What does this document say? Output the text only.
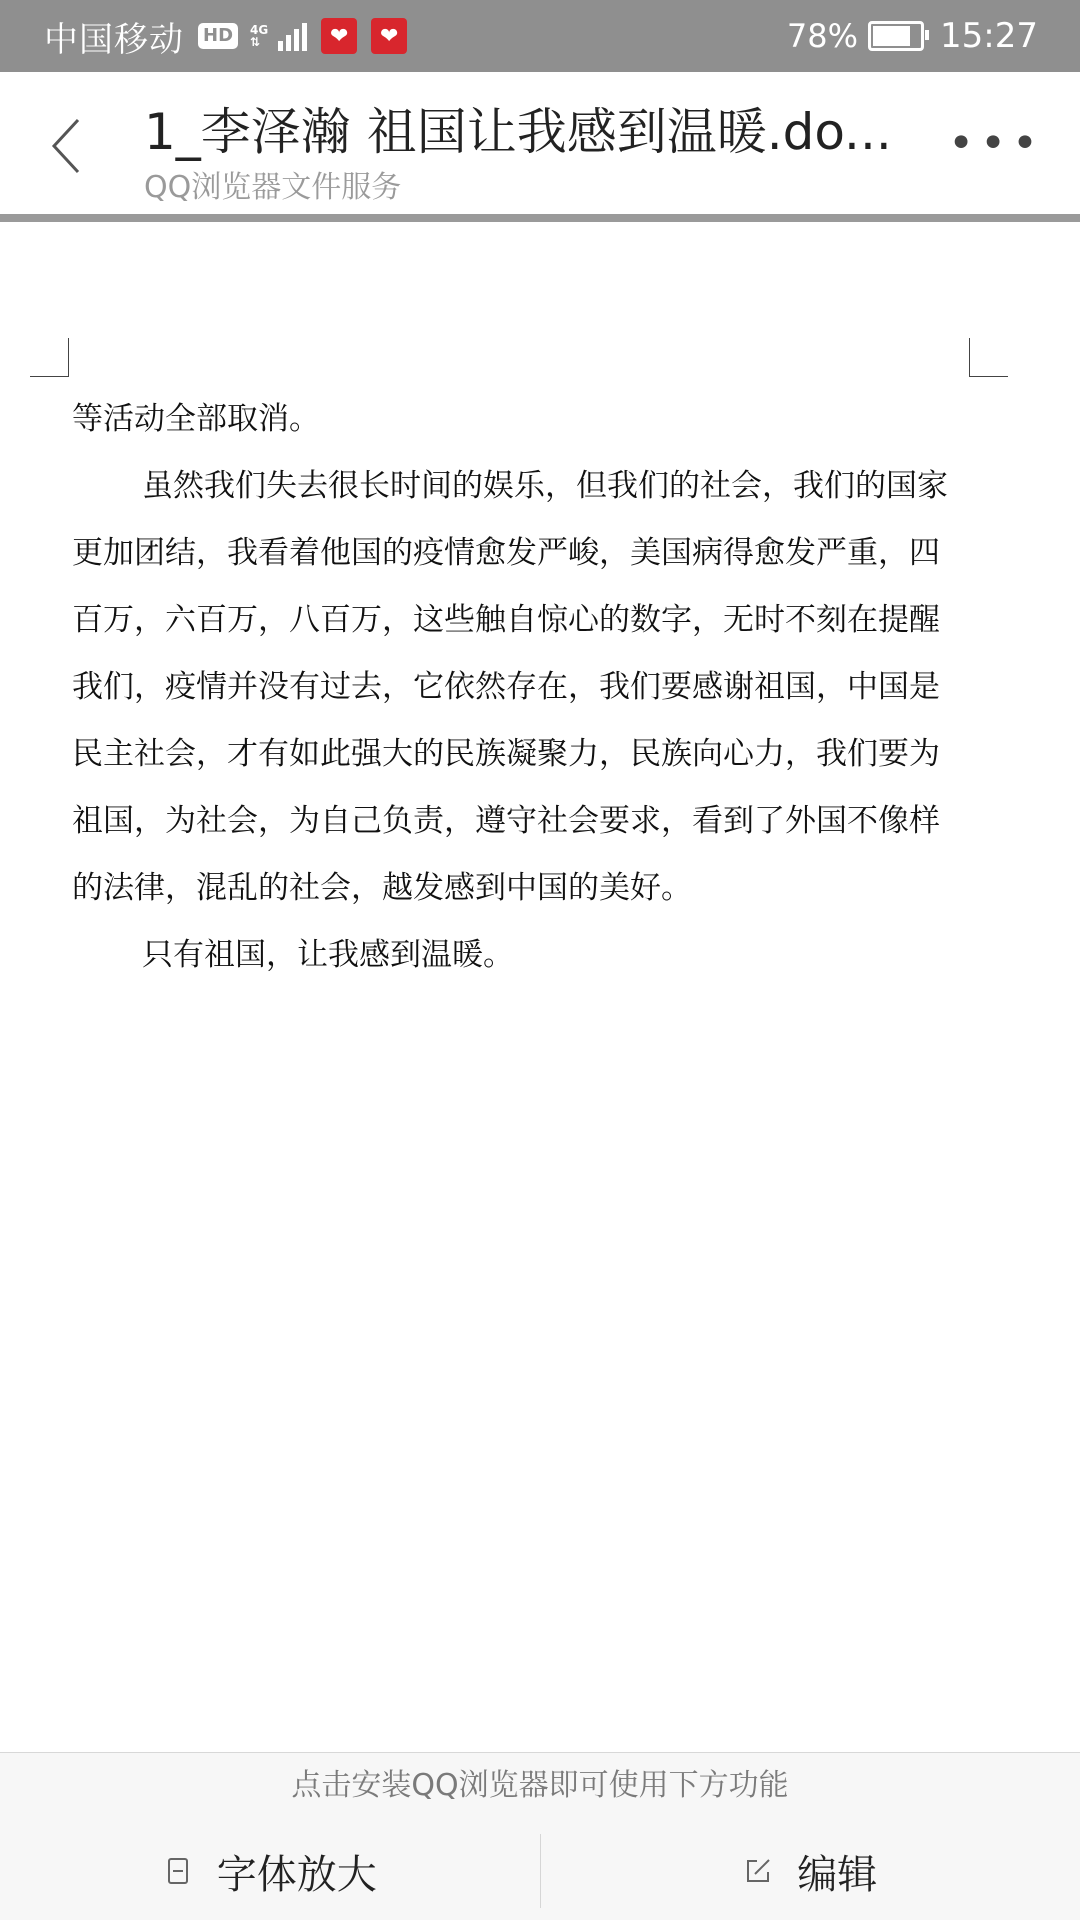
中国移动 HD	4G
⇅	❤	❤	78% 15:27
1_李泽瀚 祖国让我感到温暖.do...
QQ浏览器文件服务
•••

等活动全部取消。

虽然我们失去很长时间的娱乐，但我们的社会，我们的国家更加团结，我看着他国的疫情愈发严峻，美国病得愈发严重，四百万，六百万，八百万，这些触自惊心的数字，无时不刻在提醒我们，疫情并没有过去，它依然存在，我们要感谢祖国，中国是民主社会，才有如此强大的民族凝聚力，民族向心力，我们要为祖国，为社会，为自己负责，遵守社会要求，看到了外国不像样的法律，混乱的社会，越发感到中国的美好。

只有祖国，让我感到温暖。

点击安装QQ浏览器即可使用下方功能
字体放大	编辑
